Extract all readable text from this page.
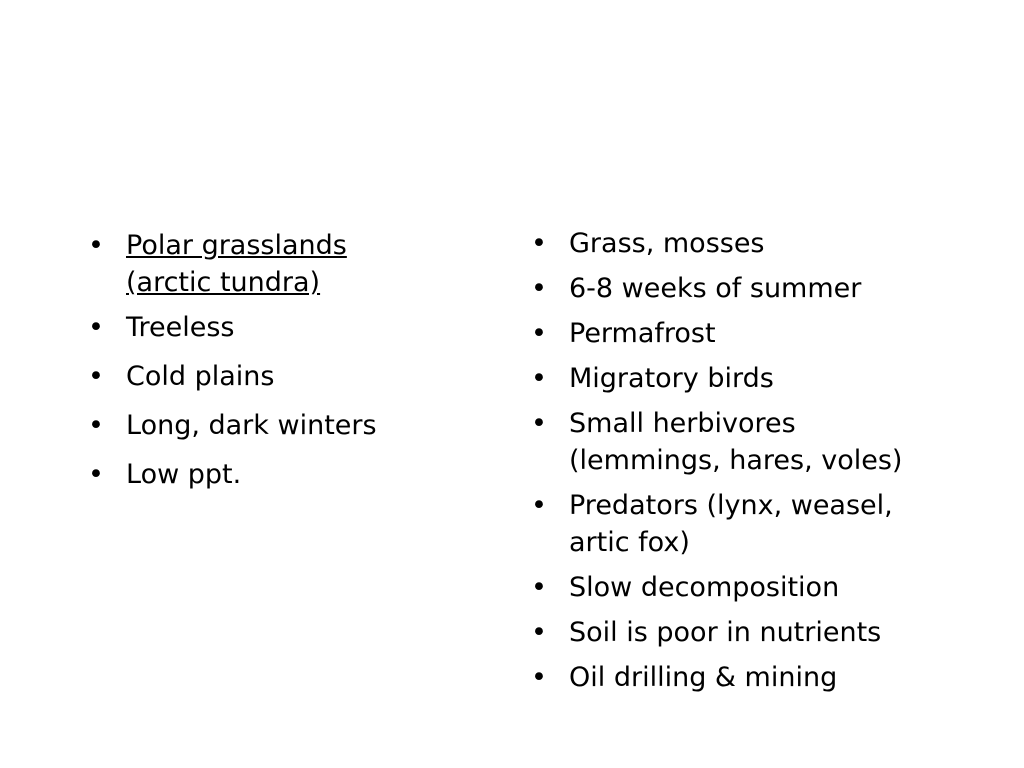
• Polar grasslands (arctic tundra)
• Treeless
• Cold plains
• Long, dark winters
• Low ppt.
• Grass, mosses
• 6-8 weeks of summer
• Permafrost
• Migratory birds
• Small herbivores (lemmings, hares, voles)
• Predators (lynx, weasel, artic fox)
• Slow decomposition
• Soil is poor in nutrients
• Oil drilling & mining
